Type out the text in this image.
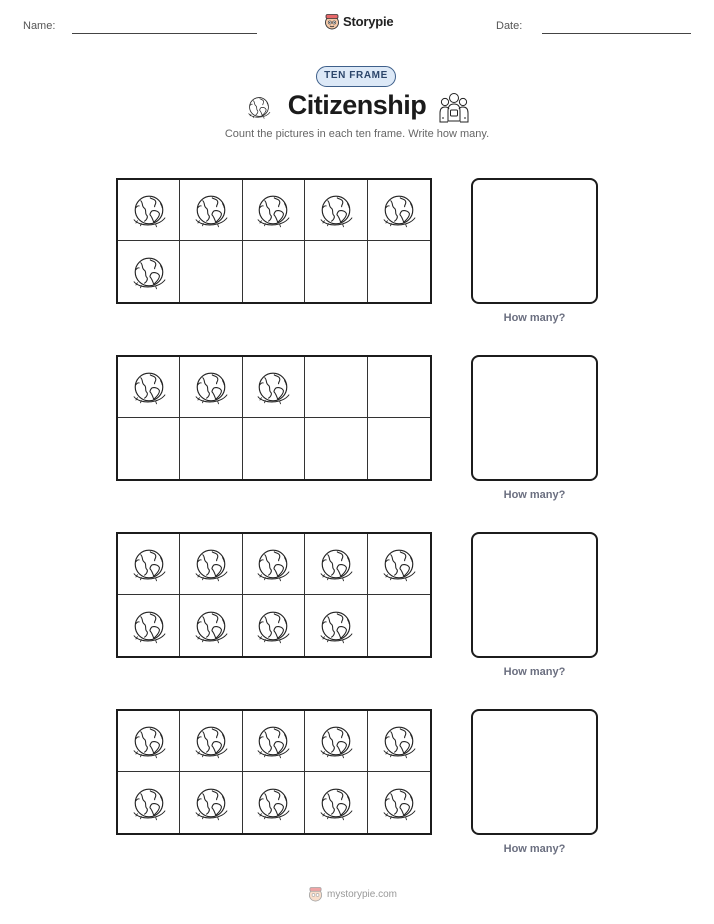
Name:	Storypie	Date:
TEN FRAME
Citizenship
Count the pictures in each ten frame. Write how many.
How many?
How many?
How many?
How many?
mystorypie.com
